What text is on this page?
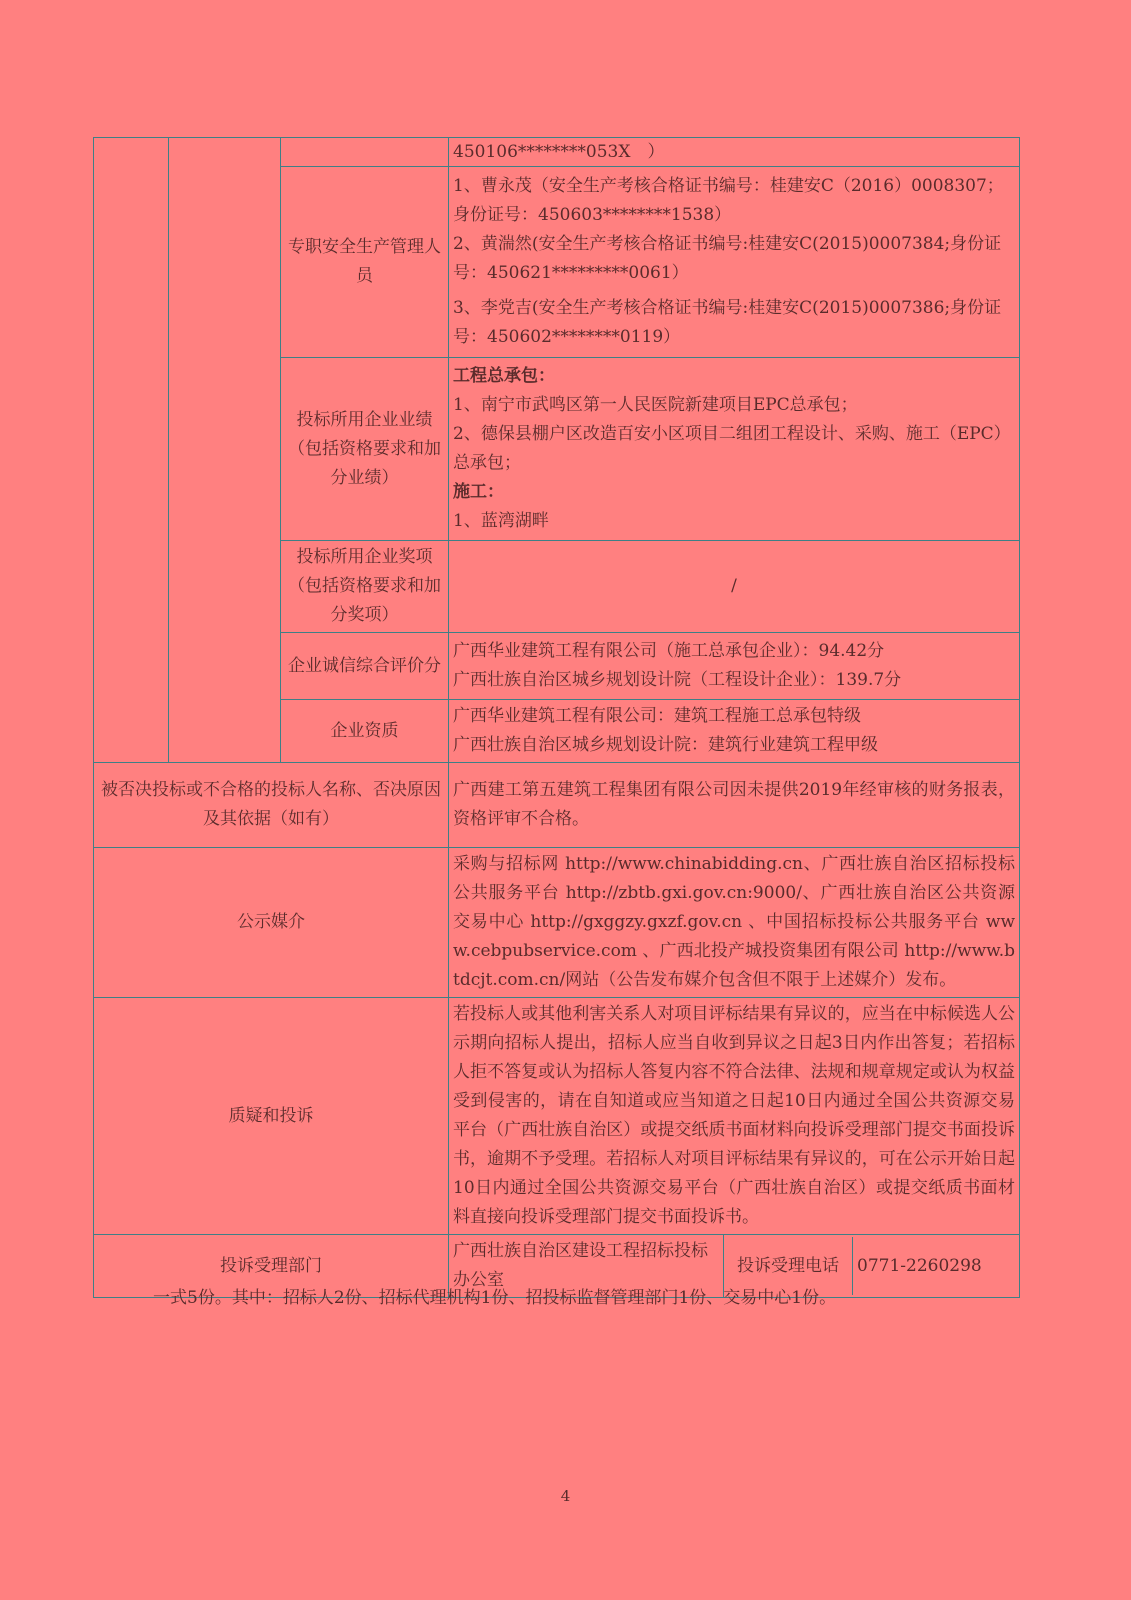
			450106********053X　）	
		专职安全生产管理人员	1、曹永茂（安全生产考核合格证书编号：桂建安C（2016）0008307；身份证号：450603********1538）
2、黄湍然(安全生产考核合格证书编号:桂建安C(2015)0007384;身份证号：450621*********0061）
3、李党吉(安全生产考核合格证书编号:桂建安C(2015)0007386;身份证号：450602********0119）	

		投标所用企业业绩（包括资格要求和加分业绩）	工程总承包：
1、南宁市武鸣区第一人民医院新建项目EPC总承包；
2、德保县棚户区改造百安小区项目二组团工程设计、采购、施工（EPC）总承包；
施工：
1、蓝湾湖畔	

		投标所用企业奖项（包括资格要求和加分奖项）	/	
		企业诚信综合评价分	广西华业建筑工程有限公司（施工总承包企业）：94.42分
广西壮族自治区城乡规划设计院（工程设计企业）：139.7分	

		企业资质	广西华业建筑工程有限公司：建筑工程施工总承包特级
广西壮族自治区城乡规划设计院：建筑行业建筑工程甲级	

被否决投标或不合格的投标人名称、否决原因及其依据（如有）			广西建工第五建筑工程集团有限公司因未提供2019年经审核的财务报表，资格评审不合格。	
公示媒介			采购与招标网 http://www.chinabidding.cn、广西壮族自治区招标投标公共服务平台 http://zbtb.gxi.gov.cn:9000/、广西壮族自治区公共资源交易中心 http://gxggzy.gxzf.gov.cn 、中国招标投标公共服务平台 www.cebpubservice.com 、广西北投产城投资集团有限公司 http://www.btdcjt.com.cn/网站（公告发布媒介包含但不限于上述媒介）发布。	
质疑和投诉			若投标人或其他利害关系人对项目评标结果有异议的，应当在中标候选人公示期向招标人提出，招标人应当自收到异议之日起3日内作出答复；若招标人拒不答复或认为招标人答复内容不符合法律、法规和规章规定或认为权益受到侵害的，请在自知道或应当知道之日起10日内通过全国公共资源交易平台（广西壮族自治区）或提交纸质书面材料向投诉受理部门提交书面投诉书，逾期不予受理。若招标人对项目评标结果有异议的，可在公示开始日起10日内通过全国公共资源交易平台（广西壮族自治区）或提交纸质书面材料直接向投诉受理部门提交书面投诉书。	
投诉受理部门			广西壮族自治区建设工程招标投标办公室	投诉受理电话 0771-2260298
一式5份。其中：招标人2份、招标代理机构1份、招投标监督管理部门1份、交易中心1份。
4
